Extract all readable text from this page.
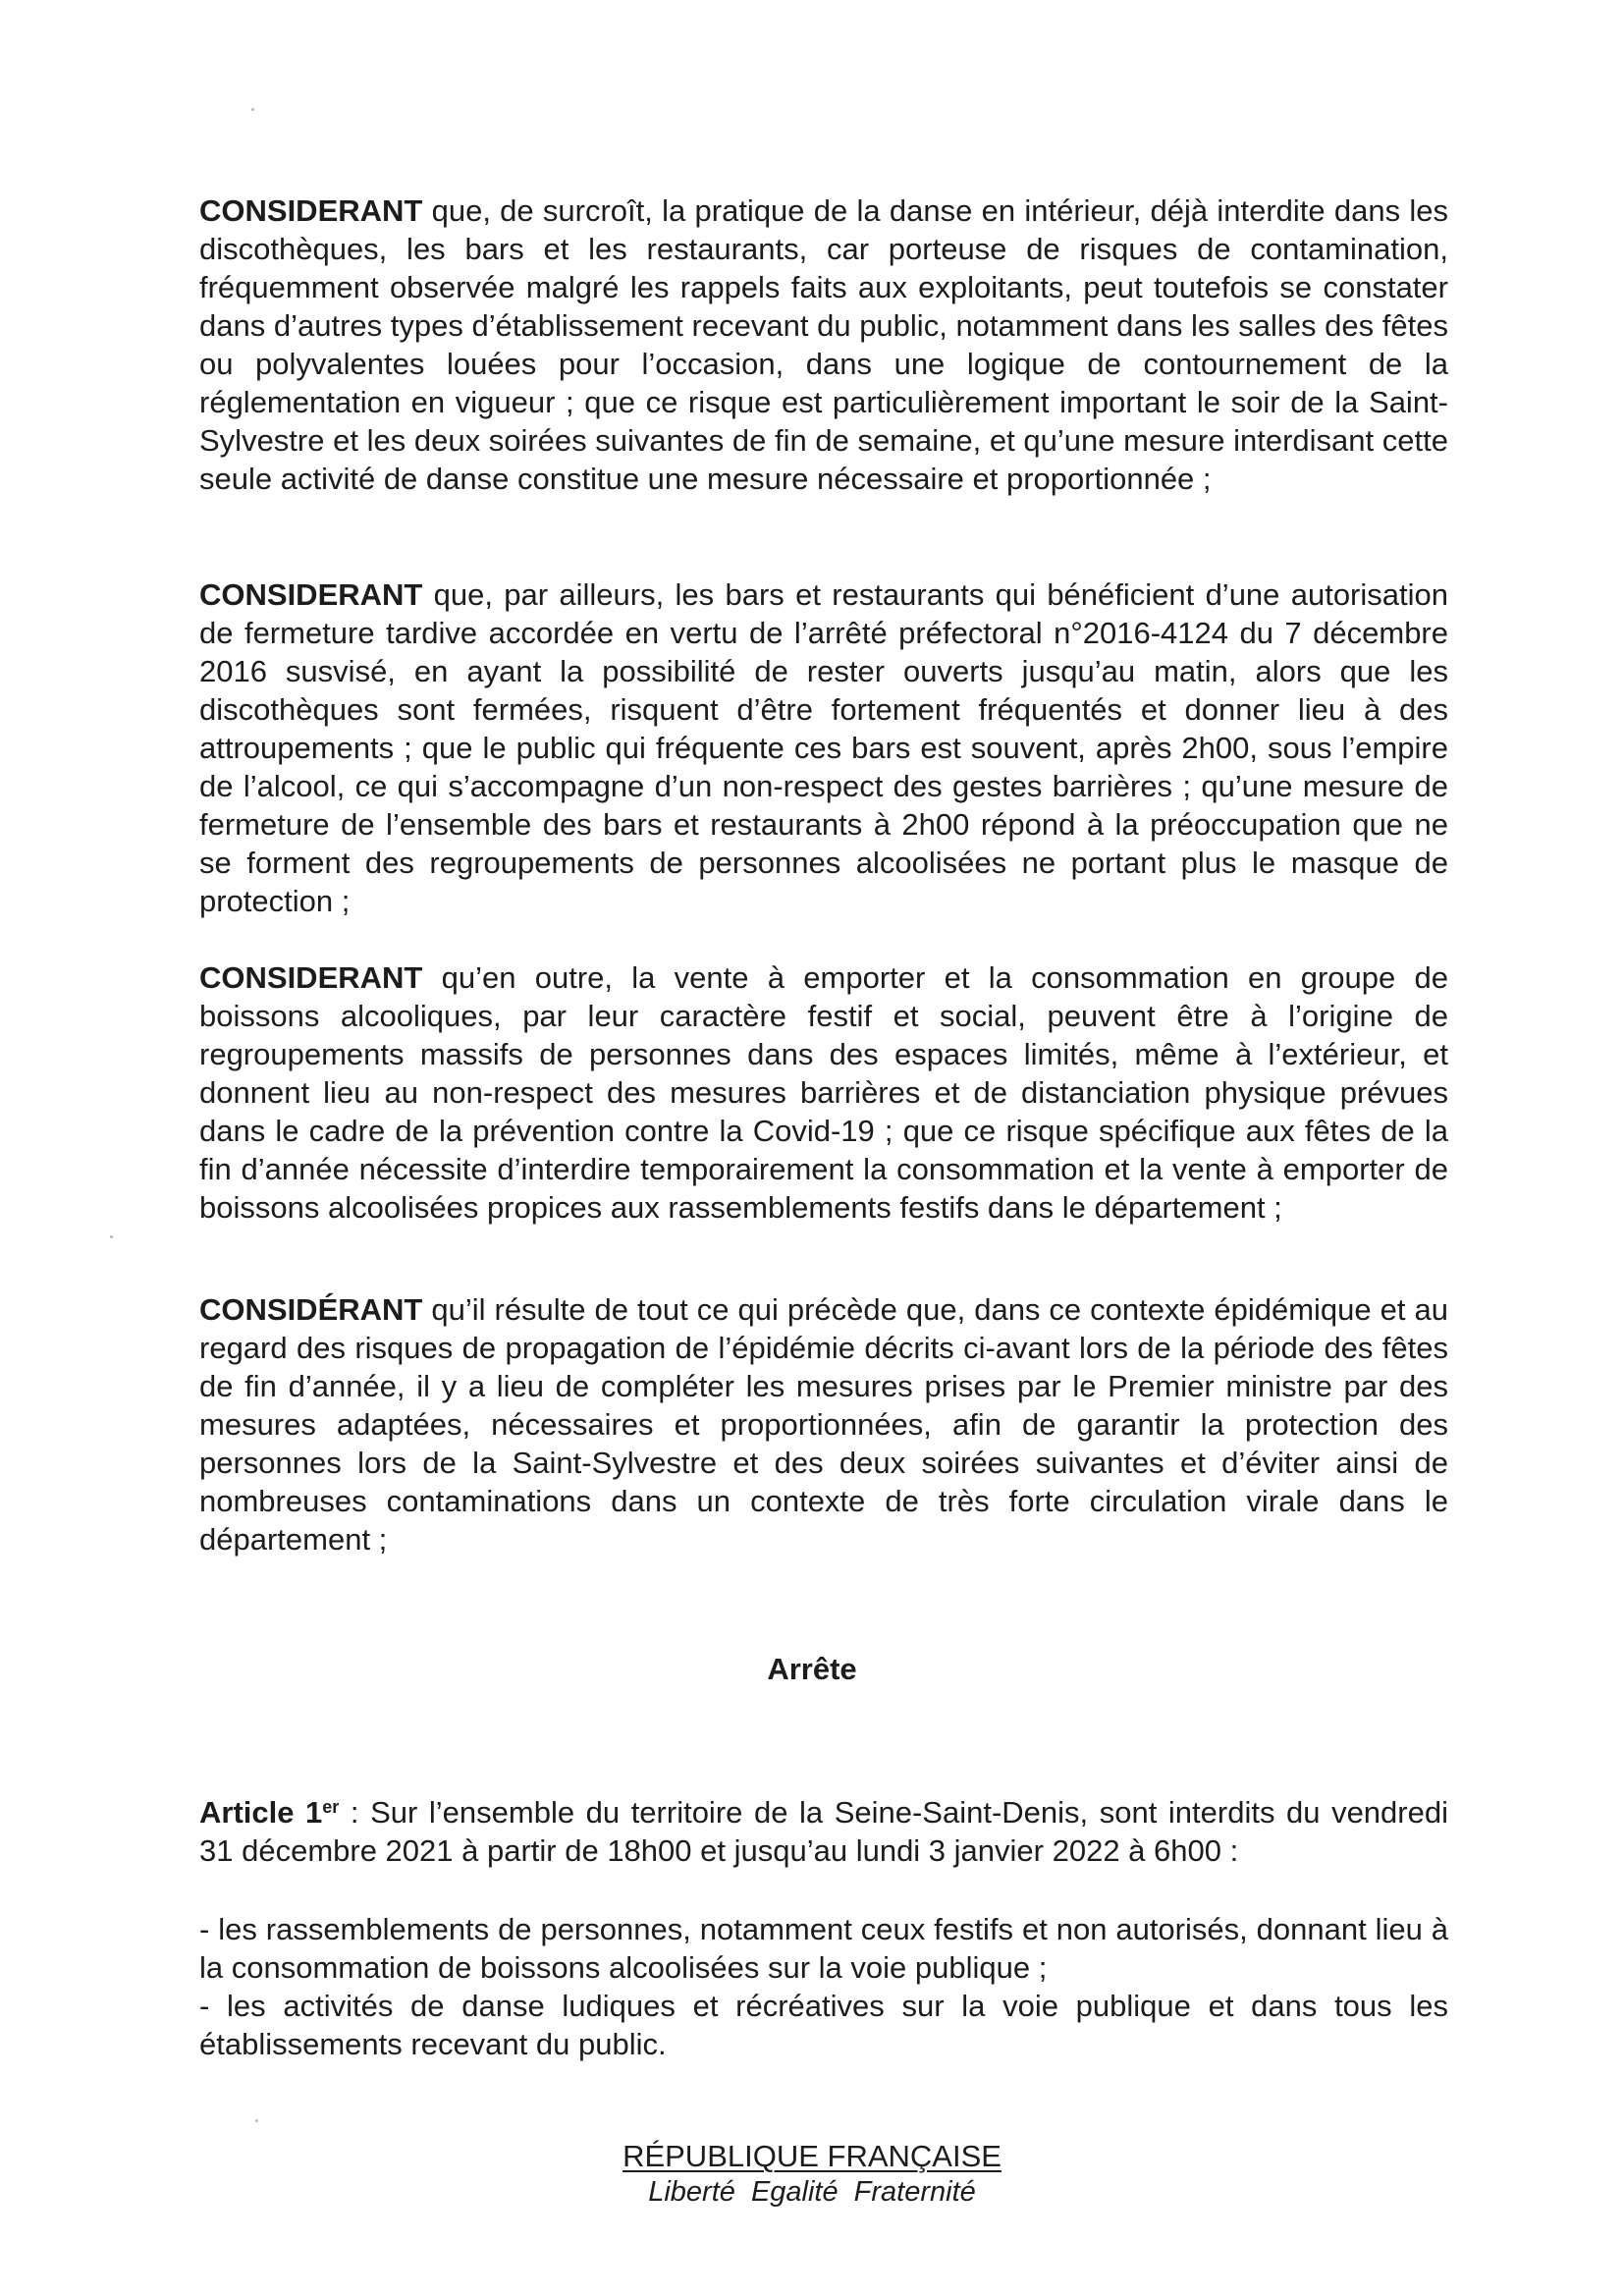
CONSIDERANT que, de surcroît, la pratique de la danse en intérieur, déjà interdite dans les discothèques, les bars et les restaurants, car porteuse de risques de contamination, fréquemment observée malgré les rappels faits aux exploitants, peut toutefois se constater dans d’autres types d’établissement recevant du public, notamment dans les salles des fêtes ou polyvalentes louées pour l’occasion, dans une logique de contournement de la réglementation en vigueur ; que ce risque est particulièrement important le soir de la Saint-Sylvestre et les deux soirées suivantes de fin de semaine, et qu’une mesure interdisant cette seule activité de danse constitue une mesure nécessaire et proportionnée ;

CONSIDERANT que, par ailleurs, les bars et restaurants qui bénéficient d’une autorisation de fermeture tardive accordée en vertu de l’arrêté préfectoral n°2016-4124 du 7 décembre 2016 susvisé, en ayant la possibilité de rester ouverts jusqu’au matin, alors que les discothèques sont fermées, risquent d’être fortement fréquentés et donner lieu à des attroupements ; que le public qui fréquente ces bars est souvent, après 2h00, sous l’empire de l’alcool, ce qui s’accompagne d’un non-respect des gestes barrières ; qu’une mesure de fermeture de l’ensemble des bars et restaurants à 2h00 répond à la préoccupation que ne se forment des regroupements de personnes alcoolisées ne portant plus le masque de protection ;

CONSIDERANT qu’en outre, la vente à emporter et la consommation en groupe de boissons alcooliques, par leur caractère festif et social, peuvent être à l’origine de regroupements massifs de personnes dans des espaces limités, même à l’extérieur, et donnent lieu au non-respect des mesures barrières et de distanciation physique prévues dans le cadre de la prévention contre la Covid-19 ; que ce risque spécifique aux fêtes de la fin d’année nécessite d’interdire temporairement la consommation et la vente à emporter de boissons alcoolisées propices aux rassemblements festifs dans le département ;

CONSIDÉRANT qu’il résulte de tout ce qui précède que, dans ce contexte épidémique et au regard des risques de propagation de l’épidémie décrits ci-avant lors de la période des fêtes de fin d’année, il y a lieu de compléter les mesures prises par le Premier ministre par des mesures adaptées, nécessaires et proportionnées, afin de garantir la protection des personnes lors de la Saint-Sylvestre et des deux soirées suivantes et d’éviter ainsi de nombreuses contaminations dans un contexte de très forte circulation virale dans le département ;

Arrête

Article 1er : Sur l’ensemble du territoire de la Seine-Saint-Denis, sont interdits du vendredi 31 décembre 2021 à partir de 18h00 et jusqu’au lundi 3 janvier 2022 à 6h00 :

- les rassemblements de personnes, notamment ceux festifs et non autorisés, donnant lieu à la consommation de boissons alcoolisées sur la voie publique ;

- les activités de danse ludiques et récréatives sur la voie publique et dans tous les établissements recevant du public.

RÉPUBLIQUE FRANÇAISE
Liberté Egalité Fraternité
